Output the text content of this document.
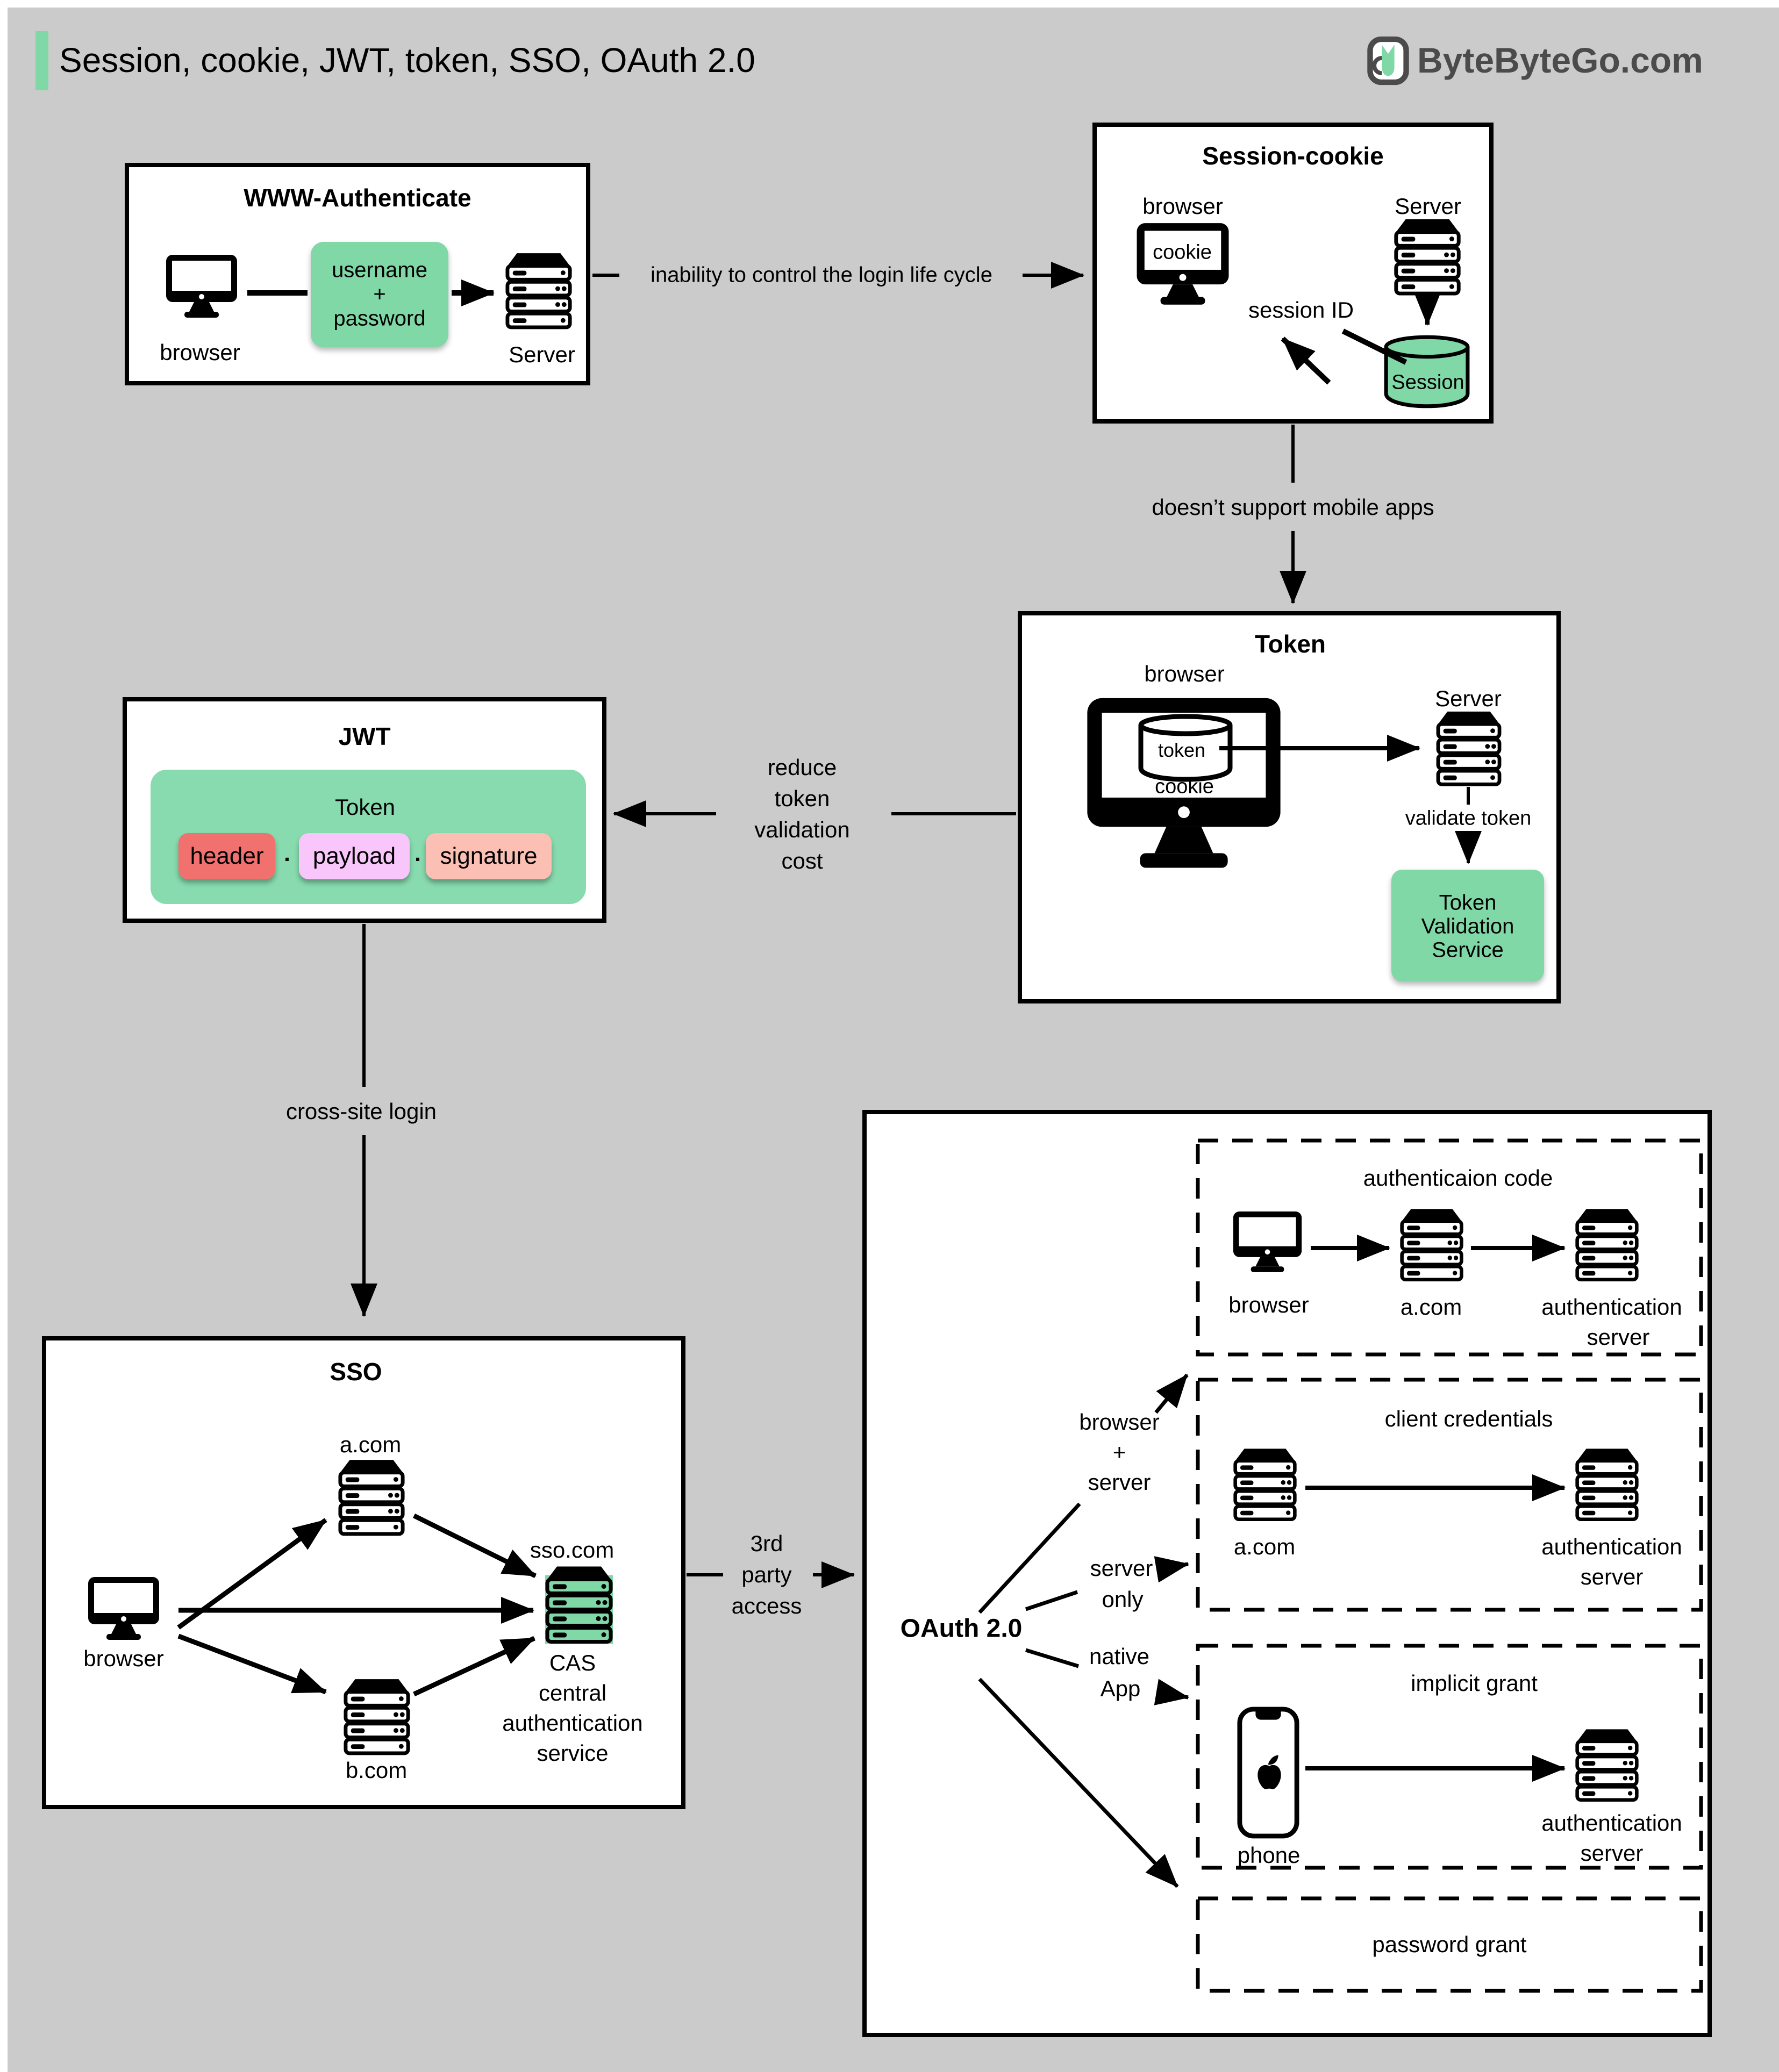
Session, cookie, JWT, token, SSO, OAuth 2.0	ByteByteGo.com
WWW-Authenticate
browser
username
+
password
Server
inability to control the login life cycle
doesn’t support mobile apps
reduce
token
validation
cost
cross-site login
3rd
party
access
Session-cookie
browser
cookie
Server
session ID
Session
Token
browser
token
cookie
Server
validate token
Token
Validation
Service
JWT
Token
header . payload . signature
SSO
a.com
browser
sso.com
CAS
central
authentication
service
b.com
OAuth 2.0
browser
+
server
server
only
native
App
authenticaion code
browser	a.com	authentication
server
client credentials
a.com	authentication
server
implicit grant
phone
authentication
server
password grant
